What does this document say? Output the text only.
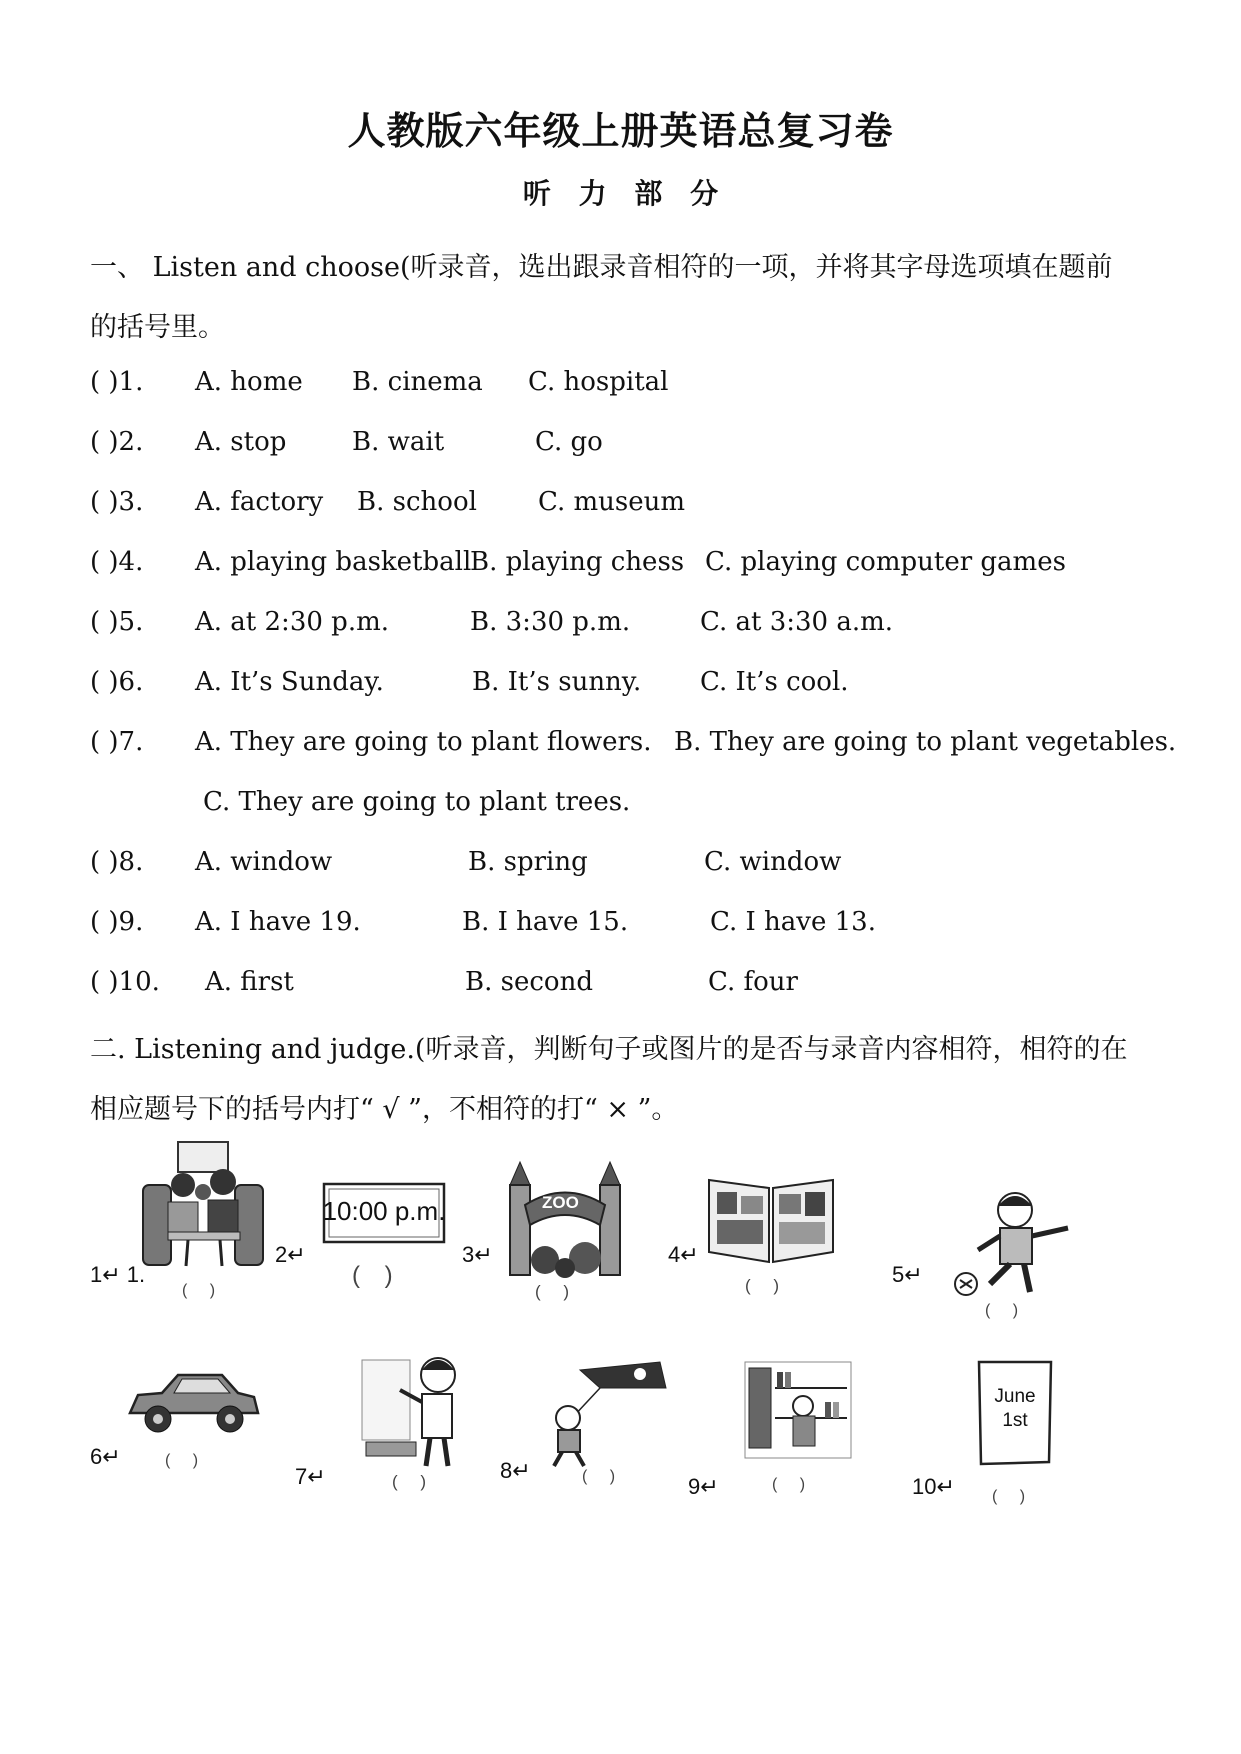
人教版六年级上册英语总复习卷
听 力 部 分
一、 Listen and choose(听录音，选出跟录音相符的一项，并将其字母选项填在题前
的括号里。
( )1. A. home B. cinema C. hospital
( )2. A. stop	B. wait	C. go
( )3. A. factory B. school C. museum
( )4. A. playing basketball
B. playing chess C. playing computer games
( )5. A. at 2:30 p.m.	B. 3:30 p.m.	C. at 3:30 a.m.
( )6. A. It’s Sunday.	B. It’s sunny. C. It’s cool.
( )7. A. They are going to plant flowers. B. They are going to plant vegetables.
C. They are going to plant trees.
( )8. A. window	B. spring	C. window
( )9. A. I have 19.	B. I have 15.	C. I have 13.
( )10. A. first	B. second	C. four
二. Listening and judge.(听录音，判断句子或图片的是否与录音内容相符，相符的在
相应题号下的括号内打“ √ ”，不相符的打“ × ”。
1↵ 1.
( )
10:00 p.m.
2↵
( )
ZOO
3↵
( )
4↵
( )	5↵
( )
6↵	( )
7↵	( )	8↵	( )	9↵	( )
June
1st
10↵ ( )
